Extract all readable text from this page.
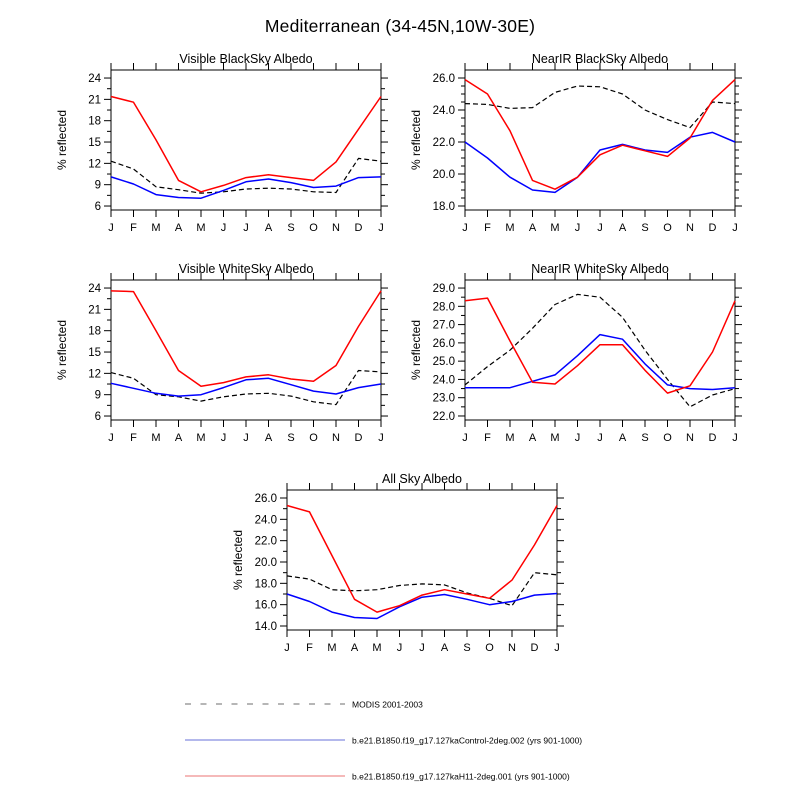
Mediterranean (34-45N,10W-30E)
Visible BlackSky Albedo
% reflected
6
9
12
15
18
21
24
J F M A M J J A S O N D J
NearIR BlackSky Albedo
% reflected
18.0
20.0
22.0
24.0
26.0
J F M A M J J A S O N D J
Visible WhiteSky Albedo
% reflected
6
9
12
15
18
21
24
J F M A M J J A S O N D J
NearIR WhiteSky Albedo
% reflected
22.0
23.0
24.0
25.0
26.0
27.0
28.0
29.0
J F M A M J J A S O N D J
All Sky Albedo
% reflected
14.0
16.0
18.0
20.0
22.0
24.0
26.0
J F M A M J J A S O N D J
MODIS 2001-2003
b.e21.B1850.f19_g17.127kaControl-2deg.002 (yrs 901-1000)
b.e21.B1850.f19_g17.127kaH11-2deg.001 (yrs 901-1000)
